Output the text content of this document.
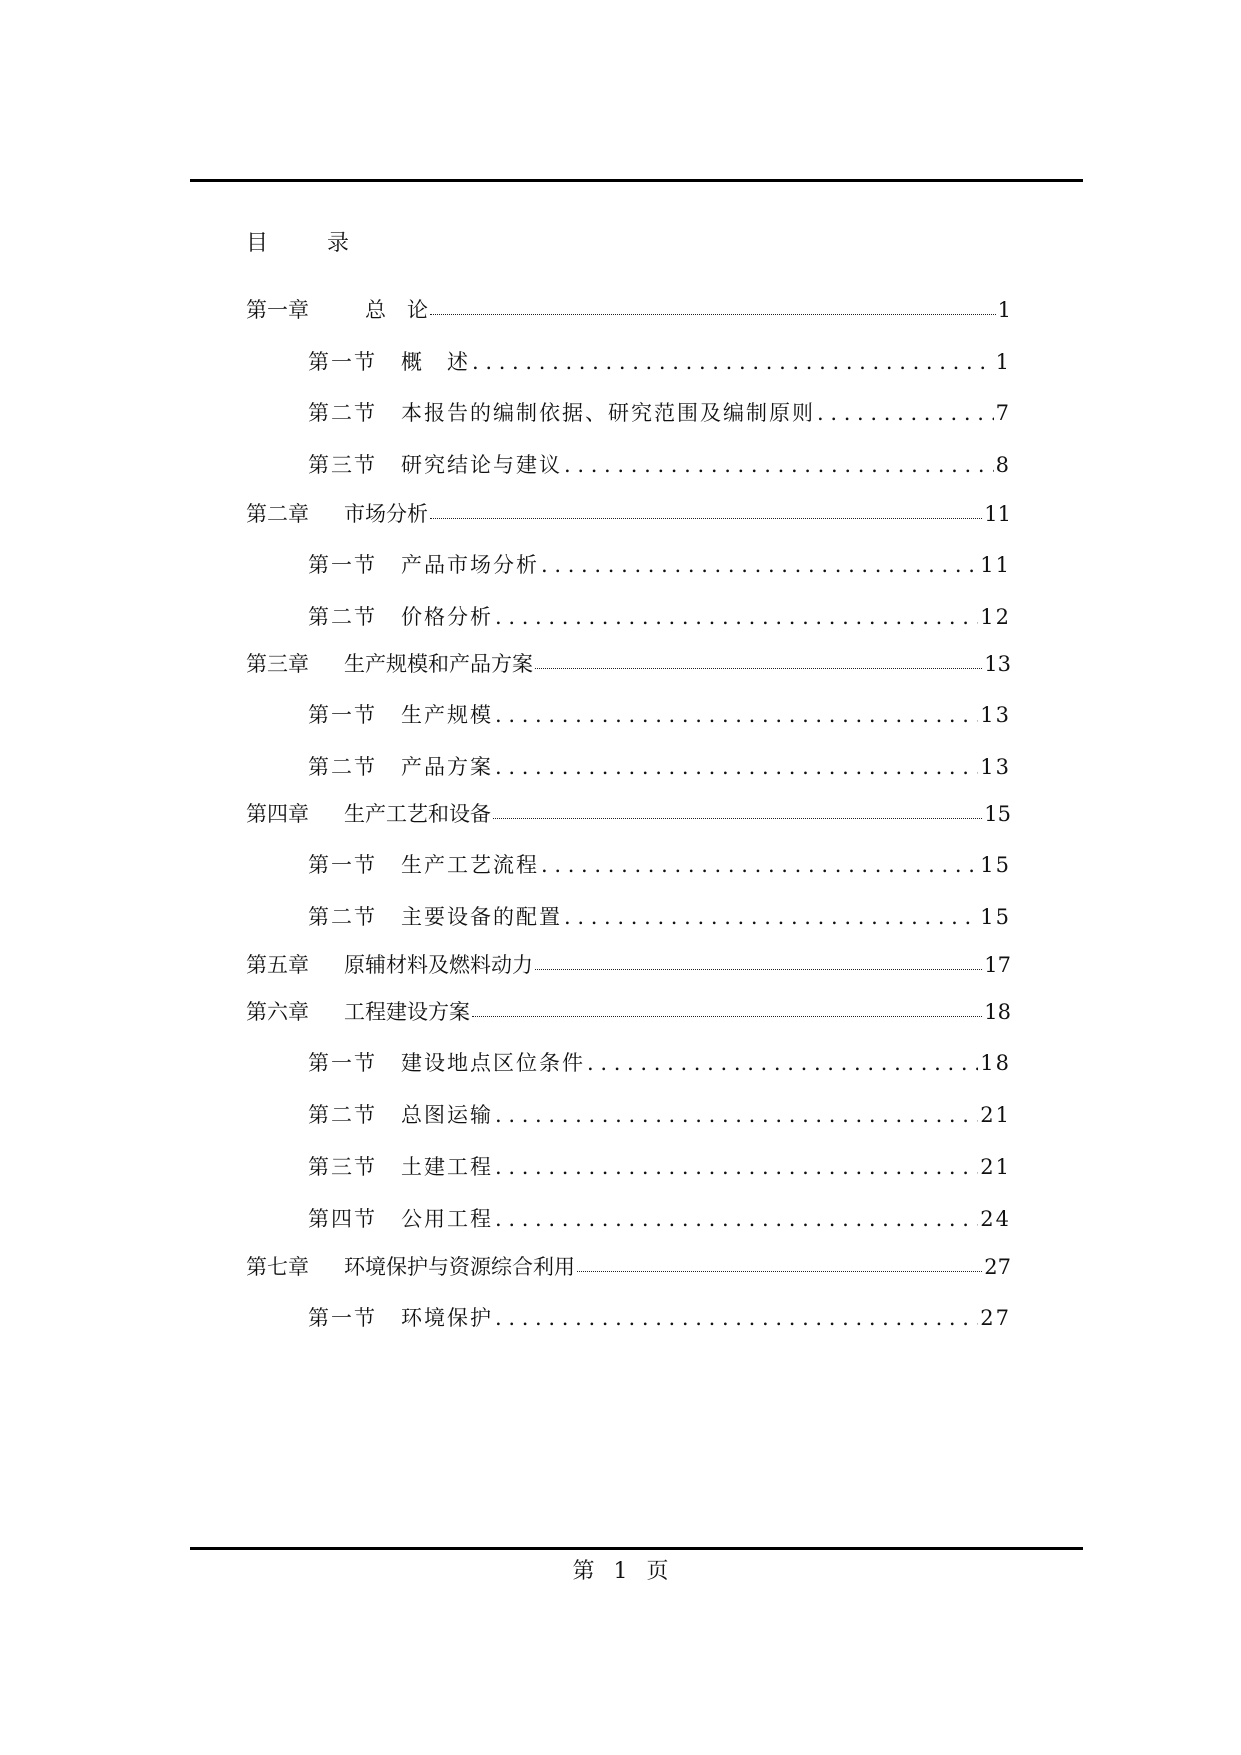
目 录
第一章	　总　论	1
第一节	概　述 . . .	1
第二节	本报告的编制依据、研究范围及编制原则 . . .	7
第三节	研究结论与建议 . . .	8
第二章	市场分析	11
第一节	产品市场分析 . . .	11
第二节	价格分析 . . .	12
第三章	生产规模和产品方案	13
第一节	生产规模 . . .	13
第二节	产品方案 . . .	13
第四章	生产工艺和设备	15
第一节	生产工艺流程 . . .	15
第二节	主要设备的配置 . . .	15
第五章	原辅材料及燃料动力	17
第六章	工程建设方案	18
第一节	建设地点区位条件 . . .	18
第二节	总图运输 . . .	21
第三节	土建工程 . . .	21
第四节	公用工程 . . .	24
第七章	环境保护与资源综合利用	27
第一节	环境保护 . . .	27
第 1 页
